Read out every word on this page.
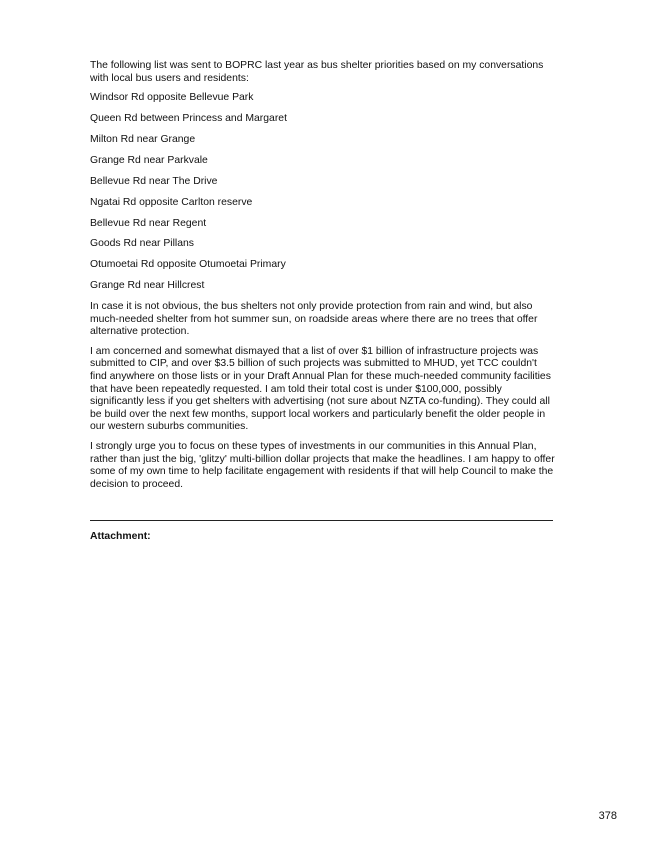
The following list was sent to BOPRC last year as bus shelter priorities based on my conversations with local bus users and residents:

Windsor Rd opposite Bellevue Park

Queen Rd between Princess and Margaret

Milton Rd near Grange

Grange Rd near Parkvale

Bellevue Rd near The Drive

Ngatai Rd opposite Carlton reserve

Bellevue Rd near Regent

Goods Rd near Pillans

Otumoetai Rd opposite Otumoetai Primary

Grange Rd near Hillcrest

In case it is not obvious, the bus shelters not only provide protection from rain and wind, but also much-needed shelter from hot summer sun, on roadside areas where there are no trees that offer alternative protection.

I am concerned and somewhat dismayed that a list of over $1 billion of infrastructure projects was submitted to CIP, and over $3.5 billion of such projects was submitted to MHUD, yet TCC couldn't find anywhere on those lists or in your Draft Annual Plan for these much-needed community facilities that have been repeatedly requested. I am told their total cost is under $100,000, possibly significantly less if you get shelters with advertising (not sure about NZTA co-funding). They could all be build over the next few months, support local workers and particularly benefit the older people in our western suburbs communities.

I strongly urge you to focus on these types of investments in our communities in this Annual Plan, rather than just the big, 'glitzy' multi-billion dollar projects that make the headlines. I am happy to offer some of my own time to help facilitate engagement with residents if that will help Council to make the decision to proceed.

Attachment:
378
